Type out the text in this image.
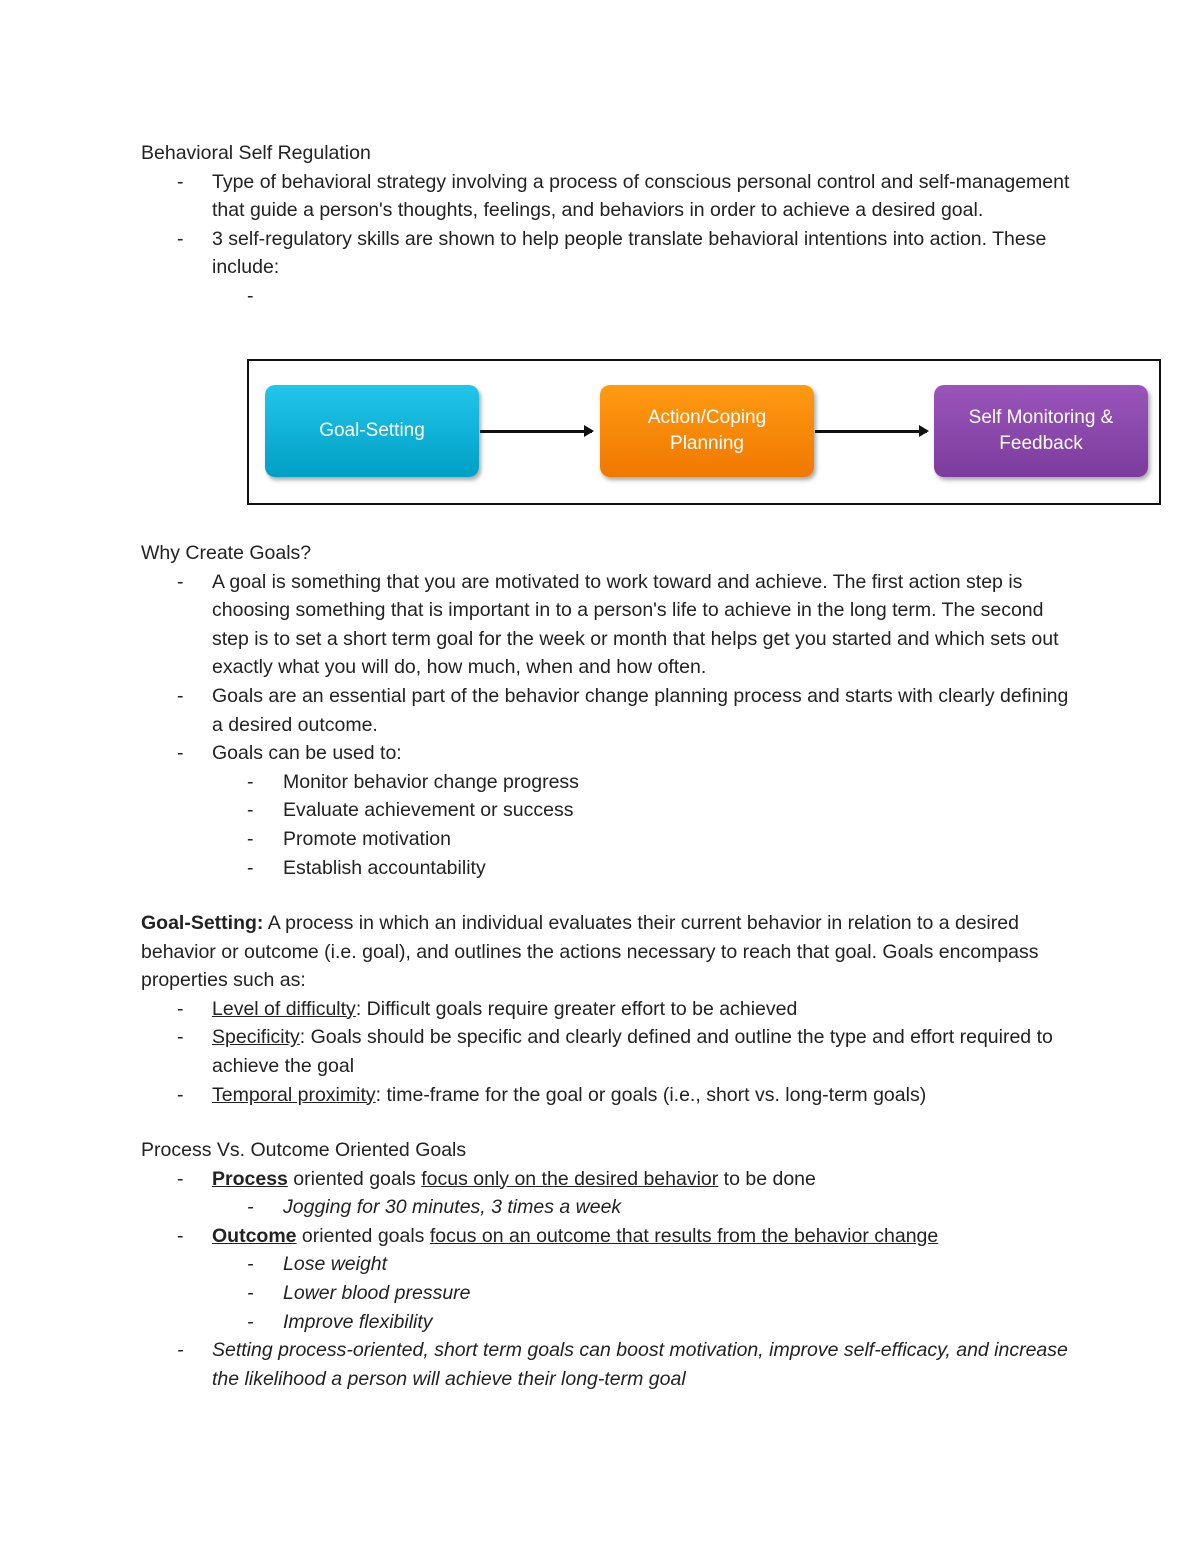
Behavioral Self Regulation
- Type of behavioral strategy involving a process of conscious personal control and self-management that guide a person's thoughts, feelings, and behaviors in order to achieve a desired goal.
- 3 self-regulatory skills are shown to help people translate behavioral intentions into action. These include:
-

Goal-Setting
Action/Coping Planning
Self Monitoring & Feedback
Why Create Goals?
- A goal is something that you are motivated to work toward and achieve. The first action step is choosing something that is important in to a person's life to achieve in the long term. The second step is to set a short term goal for the week or month that helps get you started and which sets out exactly what you will do, how much, when and how often.
- Goals are an essential part of the behavior change planning process and starts with clearly defining a desired outcome.
- Goals can be used to:
- Monitor behavior change progress
- Evaluate achievement or success
- Promote motivation
- Establish accountability
Goal-Setting: A process in which an individual evaluates their current behavior in relation to a desired behavior or outcome (i.e. goal), and outlines the actions necessary to reach that goal. Goals encompass properties such as:
- Level of difficulty: Difficult goals require greater effort to be achieved
- Specificity: Goals should be specific and clearly defined and outline the type and effort required to achieve the goal
- Temporal proximity: time-frame for the goal or goals (i.e., short vs. long-term goals)
Process Vs. Outcome Oriented Goals
- Process oriented goals focus only on the desired behavior to be done
- Jogging for 30 minutes, 3 times a week
- Outcome oriented goals focus on an outcome that results from the behavior change
- Lose weight
- Lower blood pressure
- Improve flexibility
- Setting process-oriented, short term goals can boost motivation, improve self-efficacy, and increase the likelihood a person will achieve their long-term goal
